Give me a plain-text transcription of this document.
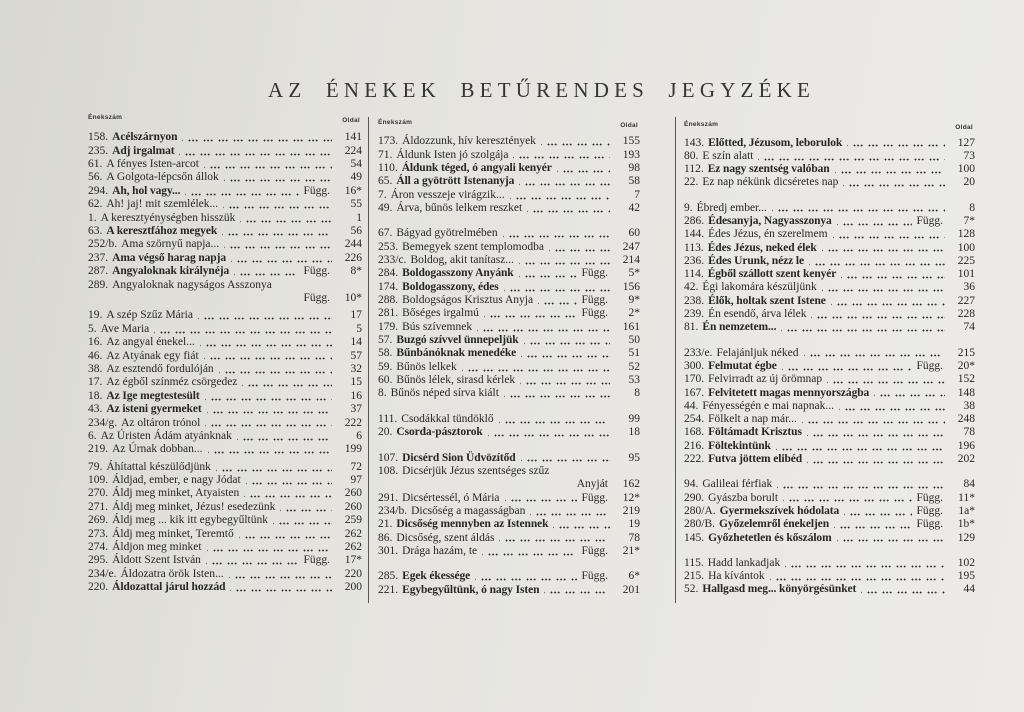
AZ ÉNEKEK BETŰRENDES JEGYZÉKE
Énekszám	Oldal
158. Acélszárnyon	141
235. Adj irgalmat	224
61. A fényes Isten-arcot	54
56. A Golgota-lépcsőn állok	49
294. Ah, hol vagy...	Függ.	16*
62. Ah! jaj! mit szemlélek...	55
1. A keresztyénységben hisszük	1
63. A keresztfához megyek	56
252/b. Ama szörnyű napja...	244
237. Ama végső harag napja	226
287. Angyaloknak királynéja	Függ.	8*
289. Angyaloknak nagyságos Asszonya
Függ.	10*
19. A szép Szűz Mária	17
5. Ave Maria	5
16. Az angyal énekel...	14
46. Az Atyának egy fiát	57
38. Az esztendő fordulóján	32
17. Az égből színméz csörgedez	15
18. Az Ige megtestesült	16
43. Az isteni gyermeket	37
234/g. Az oltáron trónol	222
6. Az Úristen Ádám atyánknak	6
219. Az Úrnak dobban...	199
79. Áhítattal készülődjünk	72
109. Áldjad, ember, e nagy Jódat	97
270. Áldj meg minket, Atyaisten	260
271. Áldj meg minket, Jézus! esedezünk	260
269. Áldj meg ... kik itt egybegyűltünk	259
273. Áldj meg minket, Teremtő	262
274. Áldjon meg minket	262
295. Áldott Szent István	Függ.	17*
234/e. Áldozatra örök Isten...	220
220. Áldozattal járul hozzád	200
Énekszám	Oldal
173. Áldozzunk, hív keresztények	155
71. Áldunk Isten jó szolgája	193
110. Áldunk téged, ó angyali kenyér	98
65. Áll a gyötrött Istenanyja	58
7. Áron vesszeje virágzik...	7
49. Árva, bűnös lelkem reszket	42
67. Bágyad gyötrelmében	60
253. Bemegyek szent templomodba	247
233/c. Boldog, akit tanítasz...	214
284. Boldogasszony Anyánk	Függ.	5*
174. Boldogasszony, édes	156
288. Boldogságos Krisztus Anyja	Függ.	9*
281. Bőséges irgalmú	Függ.	2*
179. Bús szívemnek	161
57. Buzgó szívvel ünnepeljük	50
58. Bűnbánóknak menedéke	51
59. Bűnös lelkek	52
60. Bűnös lélek, sirasd kérlek	53
8. Bűnös néped sírva kiált	8
111. Csodákkal tündöklő	99
20. Csorda-pásztorok	18
107. Dicsérd Sion Üdvözítőd	95
108. Dicsérjük Jézus szentséges szűz
Anyját	162
291. Dicsértessél, ó Mária	Függ.	12*
234/b. Dicsőség a magasságban	219
21. Dicsőség mennyben az Istennek	19
86. Dicsőség, szent áldás	78
301. Drága hazám, te	Függ.	21*
285. Egek ékessége	Függ.	6*
221. Egybegyűltünk, ó nagy Isten	201
Énekszám	Oldal
143. Előtted, Jézusom, leborulok	127
80. E szín alatt	73
112. Ez nagy szentség valóban	100
22. Ez nap nékünk dicséretes nap	20
9. Ébredj ember...	8
286. Édesanyja, Nagyasszonya	Függ.	7*
144. Édes Jézus, én szerelmem	128
113. Édes Jézus, neked élek	100
236. Édes Urunk, nézz le	225
114. Égből szállott szent kenyér	101
42. Égi lakomára készüljünk	36
238. Élők, holtak szent Istene	227
239. Én esendő, árva lélek	228
81. Én nemzetem...	74
233/e. Felajánljuk néked	215
300. Felmutat égbe	Függ.	20*
170. Felvirradt az új örömnap	152
167. Felvitetett magas mennyországba	148
44. Fényességén e mai napnak...	38
254. Fölkelt a nap már...	248
168. Föltámadt Krisztus	78
216. Föltekintünk	196
222. Futva jöttem elibéd	202
94. Galileai férfiak	84
290. Gyászba borult	Függ.	11*
280/A. Gyermekszívek hódolata	Függ.	1a*
280/B. Győzelemről énekeljen	Függ.	1b*
145. Győzhetetlen és kőszálom	129
115. Hadd lankadjak	102
215. Ha kívántok	195
52. Hallgasd meg... könyörgésünket	44
